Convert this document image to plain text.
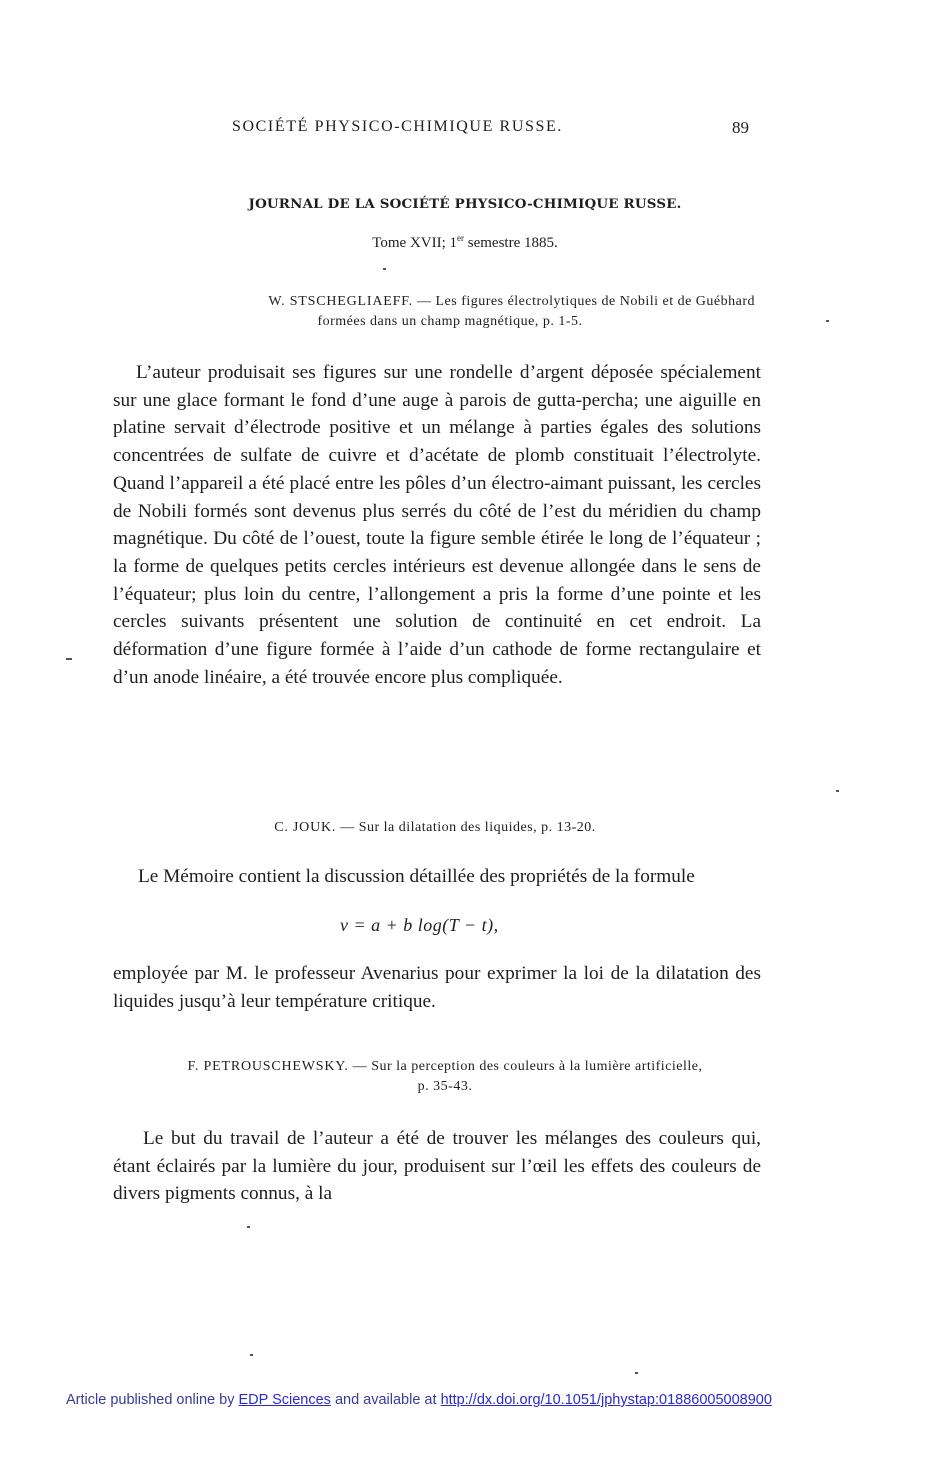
SOCIÉTÉ PHYSICO-CHIMIQUE RUSSE.	89
JOURNAL DE LA SOCIÉTÉ PHYSICO-CHIMIQUE RUSSE.
Tome XVII; 1er semestre 1885.
W. STSCHEGLIAEFF. — Les figures électrolytiques de Nobili et de Guébhard
formées dans un champ magnétique, p. 1-5.
L’auteur produisait ses figures sur une rondelle d’argent déposée spécialement sur une glace formant le fond d’une auge à parois de gutta-percha; une aiguille en platine servait d’électrode positive et un mélange à parties égales des solutions concentrées de sulfate de cuivre et d’acétate de plomb constituait l’électrolyte. Quand l’appareil a été placé entre les pôles d’un électro-aimant puissant, les cercles de Nobili formés sont devenus plus serrés du côté de l’est du méridien du champ magnétique. Du côté de l’ouest, toute la figure semble étirée le long de l’équateur ; la forme de quelques petits cercles intérieurs est devenue allongée dans le sens de l’équateur; plus loin du centre, l’allongement a pris la forme d’une pointe et les cercles suivants présentent une solution de continuité en cet endroit. La déformation d’une figure formée à l’aide d’un cathode de forme rectangulaire et d’un anode linéaire, a été trouvée encore plus compliquée.
C. JOUK. — Sur la dilatation des liquides, p. 13-20.
Le Mémoire contient la discussion détaillée des propriétés de la formule
v = a + b log(T − t),
employée par M. le professeur Avenarius pour exprimer la loi de la dilatation des liquides jusqu’à leur température critique.
F. PETROUSCHEWSKY. — Sur la perception des couleurs à la lumière artificielle,
p. 35-43.
Le but du travail de l’auteur a été de trouver les mélanges des couleurs qui, étant éclairés par la lumière du jour, produisent sur l’œil les effets des couleurs de divers pigments connus, à la
Article published online by EDP Sciences and available at http://dx.doi.org/10.1051/jphystap:01886005008900
